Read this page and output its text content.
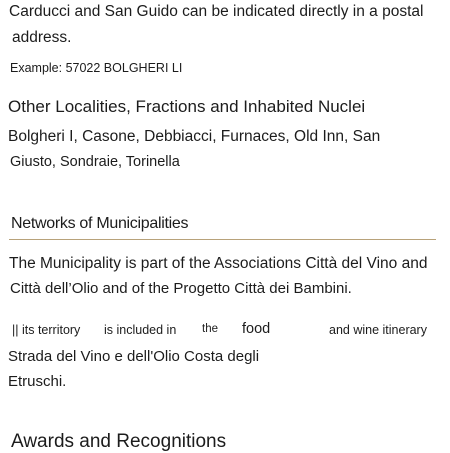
Carducci and San Guido can be indicated directly in a postal
address.
Example: 57022 BOLGHERI LI
Other Localities, Fractions and Inhabited Nuclei
Bolgheri I, Casone, Debbiacci, Furnaces, Old Inn, San
Giusto, Sondraie, Torinella
Networks of Municipalities
The Municipality is part of the Associations Città del Vino and
Città dell’Olio and of the Progetto Città dei Bambini.
|| its territory is included in the food	and wine itinerary
Strada del Vino e dell'Olio Costa degli
Etruschi.
Awards and Recognitions
